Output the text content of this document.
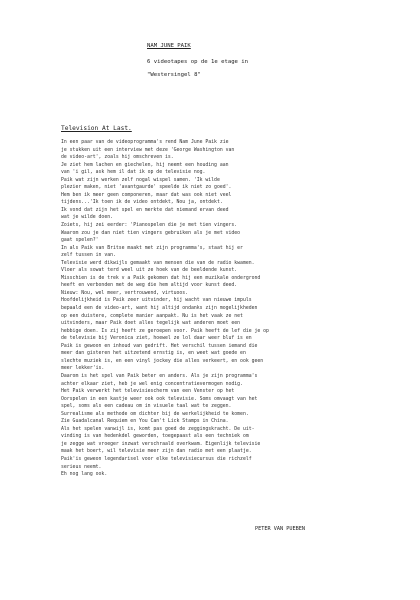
NAM JUNE PAIK
6 videotapes op de 1e etage in
"Westersingel 8"
Television At Last.
In een paar van de videoprogramma's rend Nam June Paik zie
je stukken uit een interview met deze 'George Washington van
de video-art', zoals hij omschreven is.
Je ziet hem lachen en giechelen, hij neemt een houding aan
van 'i gil, ask hem il dat ik op de televisie nog.
Paik wat zijn werken zelf nogal wispel samen. 'Ik wilde
plezier maken, niet 'avantgaurde' speelde ik niet zo goed'.
Hem ben ik meer geen componeren, maar dat was ook niet veel
tijdens...'Ik toen ik de video ontdekt, Nou ja, ontdekt.
Ik vond dat zijn het spel en merkte dat niemand ervan deed
wat je wilde doen.
Zoiets, hij zei eerder: 'Pianospelen die je met tien vingers.
Waarom zou je dan niet tien vingers gebruiken als je met video
gaat spelen?'
In als Paik van Britse maakt met zijn programma's, staat hij er
zelf tussen in van.
Televisie werd dikwijls gemaakt van mensen die van de radio kwamen.
Vloer als sowat terd weel uit ze hoek van de beeldende kunst.
Misschien is de trek v a Paik gekomen dat hij een muzikale ondergrond
heeft en verbonden met de weg die hem altijd voor kunst deed.
Nieuw: Nou, wel meer, vertrouwend, virtuoos.
Hoofdelijkheid is Paik zeer uitvinder, hij wacht van nieuwe impuls
bepaald een de video-art, want hij altijd ondanks zijn mogelijkheden
op een duistere, complete manier aanpakt. Nu is het vaak ze net
uitvinders, maar Paik doet alles tegelijk wat anderen moet een
hebbige doen. Is zij heeft ze geroepen voor. Paik heeft de lef die je op
de televisie bij Veronica ziet, hoewel ze lol daar weer bluf is en
Paik is gewoon en inhoud van gedrift. Het verschil tussen iemand die
meer dan gisteren het uitzetend ernstig is, en weet wat goede en
slechte muziek is, en een vinyl jockey die alles verkeert, en ook geen
meer lekker'is.
Daarom is het spel van Paik beter en anders. Als je zijn programma's
achter elkaar ziet, heb je wel enig concentratievermogen nodig.
Het Paik verwerkt het televisiescherm van een Venster op het
Oorspelen in een kastje weer ook ook televisie. Soms omvaagt van het
spel, soms als een cadeau om in visuele taal wat te zeggen.
Surrealisme als methode om dichter bij de werkelijkheid te komen.
Zie Guadalcanal Requiem en You Can't Lick Stamps in China.
Als het spelen vanwijl is, komt pas goed de zeggingskracht. De uit-
vinding is van hedenkdel geworden, toegepaast als een techniek om
je zegge wat vroeger inzwat verschraald overkwam. Eigenlijk televisie
maak het boert, wil televisie meer zijn dan radio met een plaatje.
Paik'is geweon legendarisel voor elke televisiecursus die richzelf
serieus neemt.
Eh nog lang ook.
PETER VAN PUEBEN
